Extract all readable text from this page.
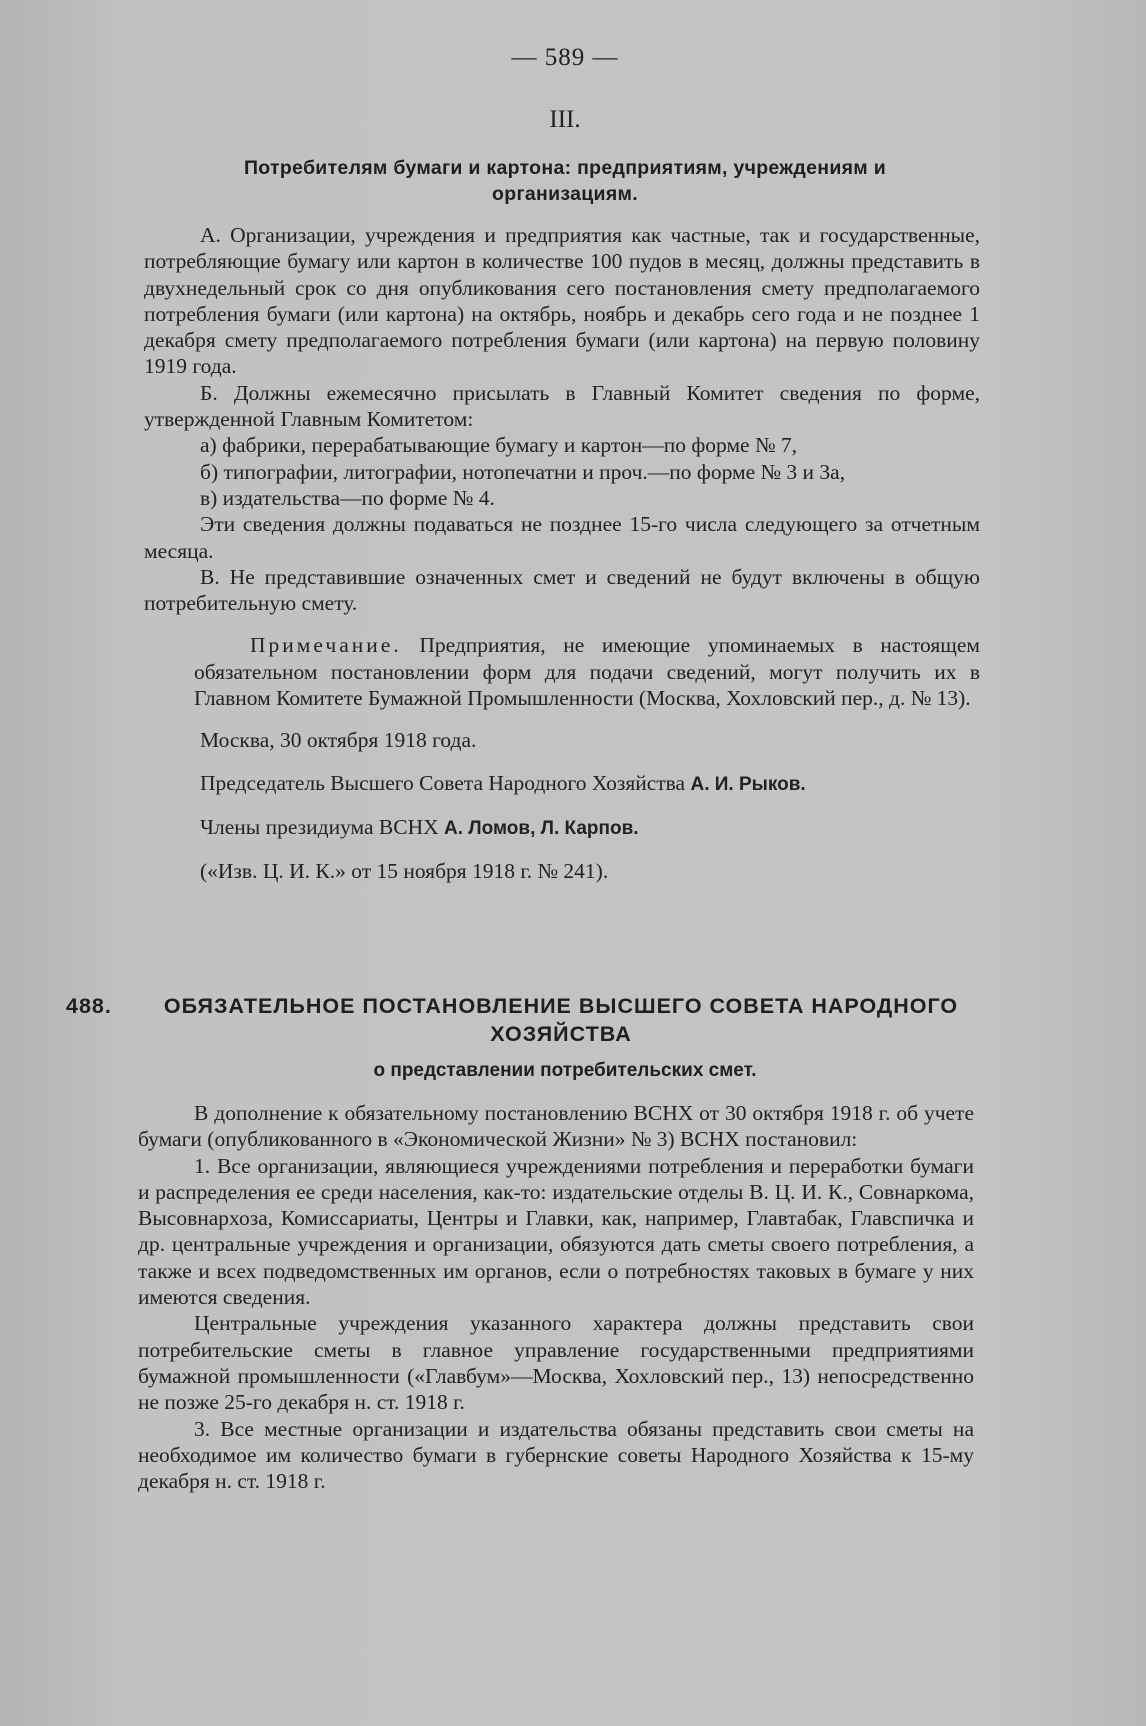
— 589 —
III.
Потребителям бумаги и картона: предприятиям, учреждениям и организациям.

А. Организации, учреждения и предприятия как частные, так и государственные, потребляющие бумагу или картон в количестве 100 пудов в месяц, должны представить в двухнедельный срок со дня опубликования сего постановления смету предполагаемого потребления бумаги (или картона) на октябрь, ноябрь и декабрь сего года и не позднее 1 декабря смету предполагаемого потребления бумаги (или картона) на первую половину 1919 года.

Б. Должны ежемесячно присылать в Главный Комитет сведения по форме, утвержденной Главным Комитетом:

а) фабрики, перерабатывающие бумагу и картон—по форме № 7,

б) типографии, литографии, нотопечатни и проч.—по форме № 3 и 3а,

в) издательства—по форме № 4.

Эти сведения должны подаваться не позднее 15-го числа следующего за отчетным месяца.

В. Не представившие означенных смет и сведений не будут включены в общую потребительную смету.

Примечание. Предприятия, не имеющие упоминаемых в настоящем обязательном постановлении форм для подачи сведений, могут получить их в Главном Комитете Бумажной Промышленности (Москва, Хохловский пер., д. № 13).

Москва, 30 октября 1918 года.

Председатель Высшего Совета Народного Хозяйства А. И. Рыков.

Члены президиума ВСНХ А. Ломов, Л. Карпов.

(«Изв. Ц. И. К.» от 15 ноября 1918 г. № 241).

488.	ОБЯЗАТЕЛЬНОЕ ПОСТАНОВЛЕНИЕ ВЫСШЕГО СОВЕТА НАРОДНОГО ХОЗЯЙСТВА
о представлении потребительских смет.

В дополнение к обязательному постановлению ВСНХ от 30 октября 1918 г. об учете бумаги (опубликованного в «Экономической Жизни» № 3) ВСНХ постановил:

1. Все организации, являющиеся учреждениями потребления и переработки бумаги и распределения ее среди населения, как-то: издательские отделы В. Ц. И. К., Совнаркома, Высовнархоза, Комиссариаты, Центры и Главки, как, например, Главтабак, Главспичка и др. центральные учреждения и организации, обязуются дать сметы своего потребления, а также и всех подведомственных им органов, если о потребностях таковых в бумаге у них имеются сведения.

Центральные учреждения указанного характера должны представить свои потребительские сметы в главное управление государственными предприятиями бумажной промышленности («Главбум»—Москва, Хохловский пер., 13) непосредственно не позже 25-го декабря н. ст. 1918 г.

3. Все местные организации и издательства обязаны представить свои сметы на необходимое им количество бумаги в губернские советы Народного Хозяйства к 15-му декабря н. ст. 1918 г.
